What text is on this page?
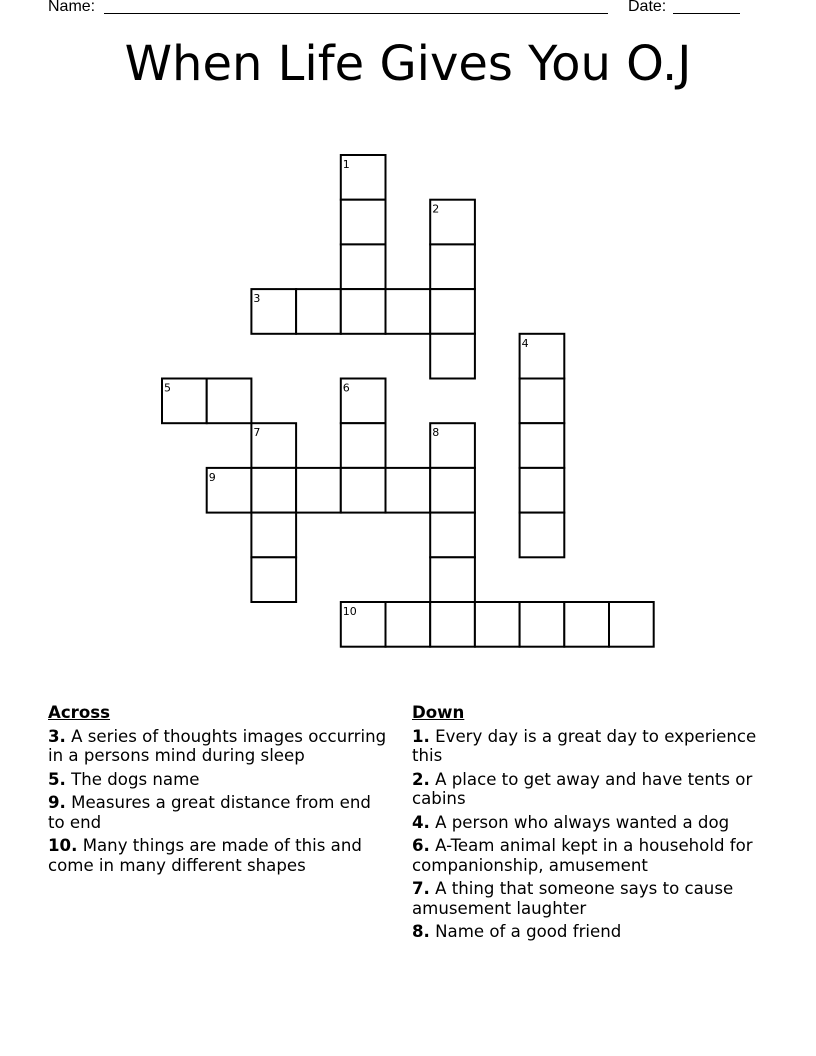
Name:	Date:
When Life Gives You O.J
1
2
3
4
5	6
7	8
9
10
Across
3. A series of thoughts images occurring in a persons mind during sleep
5. The dogs name
9. Measures a great distance from end to end
10. Many things are made of this and come in many different shapes
Down
1. Every day is a great day to experience this
2. A place to get away and have tents or cabins
4. A person who always wanted a dog
6. A-Team animal kept in a household for companionship, amusement
7. A thing that someone says to cause amusement laughter
8. Name of a good friend
